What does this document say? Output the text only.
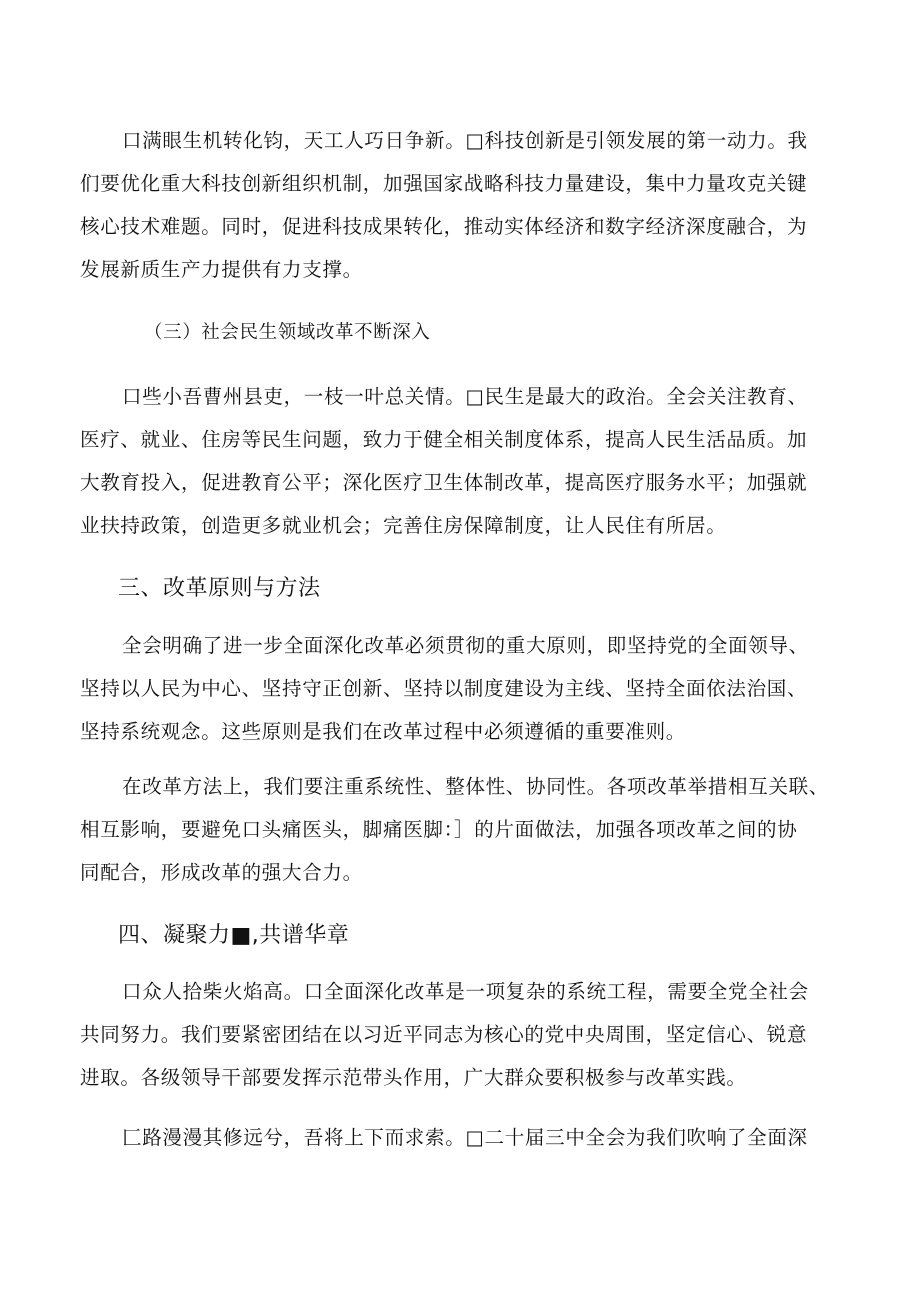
口满眼生机转化钧，天工人巧日争新。□科技创新是引领发展的第一动力。我
们要优化重大科技创新组织机制，加强国家战略科技力量建设，集中力量攻克关键
核心技术难题。同时，促进科技成果转化，推动实体经济和数字经济深度融合，为
发展新质生产力提供有力支撑。
（三）社会民生领域改革不断深入
口些小吾曹州县吏，一枝一叶总关情。□民生是最大的政治。全会关注教育、
医疗、就业、住房等民生问题，致力于健全相关制度体系，提高人民生活品质。加
大教育投入，促进教育公平；深化医疗卫生体制改革，提高医疗服务水平；加强就
业扶持政策，创造更多就业机会；完善住房保障制度，让人民住有所居。
三、改革原则与方法
全会明确了进一步全面深化改革必须贯彻的重大原则，即坚持党的全面领导、
坚持以人民为中心、坚持守正创新、坚持以制度建设为主线、坚持全面依法治国、
坚持系统观念。这些原则是我们在改革过程中必须遵循的重要准则。
在改革方法上，我们要注重系统性、整体性、协同性。各项改革举措相互关联、
相互影响，要避免口头痛医头，脚痛医脚：］的片面做法，加强各项改革之间的协
同配合，形成改革的强大合力。
四、凝聚力■,共谱华章
口众人拾柴火焰高。口全面深化改革是一项复杂的系统工程，需要全党全社会
共同努力。我们要紧密团结在以习近平同志为核心的党中央周围，坚定信心、锐意
进取。各级领导干部要发挥示范带头作用，广大群众要积极参与改革实践。
匚路漫漫其修远兮，吾将上下而求索。□二十届三中全会为我们吹响了全面深
